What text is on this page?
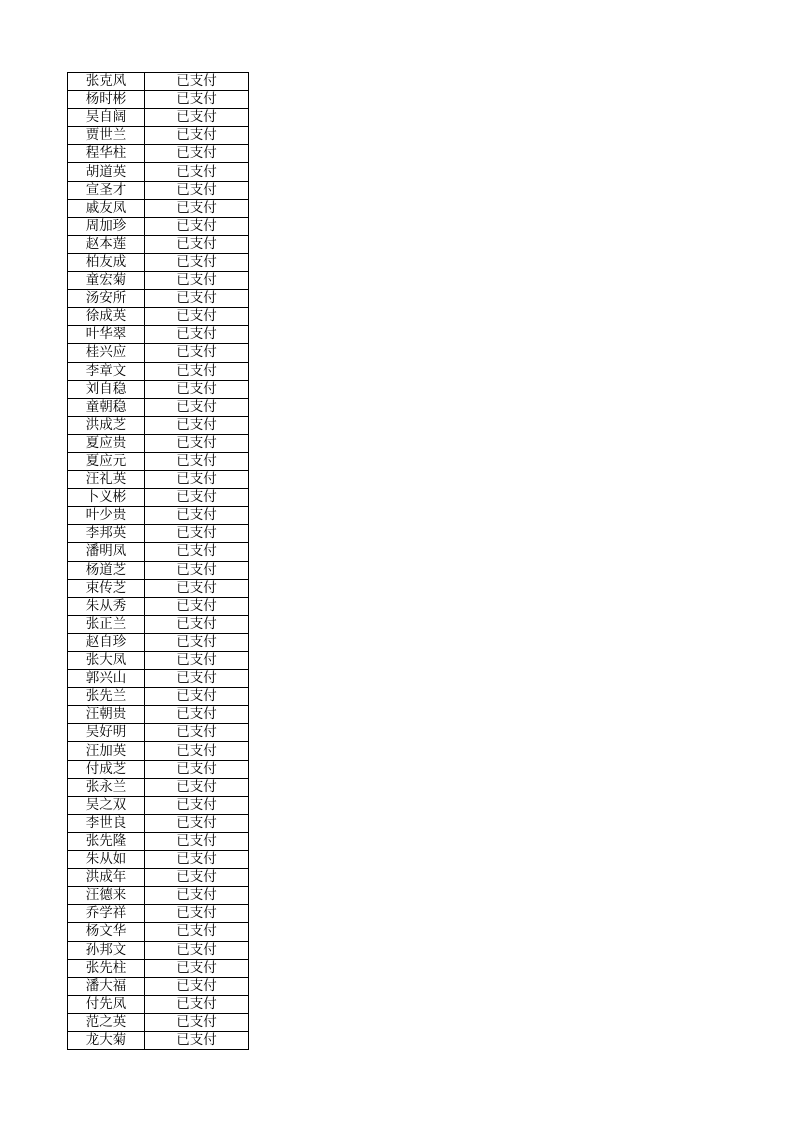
张克风	已支付
杨时彬	已支付
吴自阔	已支付
贾世兰	已支付
程华柱	已支付
胡道英	已支付
宣圣才	已支付
戚友凤	已支付
周加珍	已支付
赵本莲	已支付
柏友成	已支付
童宏菊	已支付
汤安所	已支付
徐成英	已支付
叶华翠	已支付
桂兴应	已支付
李章文	已支付
刘自稳	已支付
童朝稳	已支付
洪成芝	已支付
夏应贵	已支付
夏应元	已支付
汪礼英	已支付
卜义彬	已支付
叶少贵	已支付
李邦英	已支付
潘明凤	已支付
杨道芝	已支付
束传芝	已支付
朱从秀	已支付
张正兰	已支付
赵自珍	已支付
张大凤	已支付
郭兴山	已支付
张先兰	已支付
汪朝贵	已支付
吴好明	已支付
汪加英	已支付
付成芝	已支付
张永兰	已支付
吴之双	已支付
李世良	已支付
张先隆	已支付
朱从如	已支付
洪成年	已支付
汪德来	已支付
乔学祥	已支付
杨文华	已支付
孙邦文	已支付
张先柱	已支付
潘大福	已支付
付先凤	已支付
范之英	已支付
龙大菊	已支付
